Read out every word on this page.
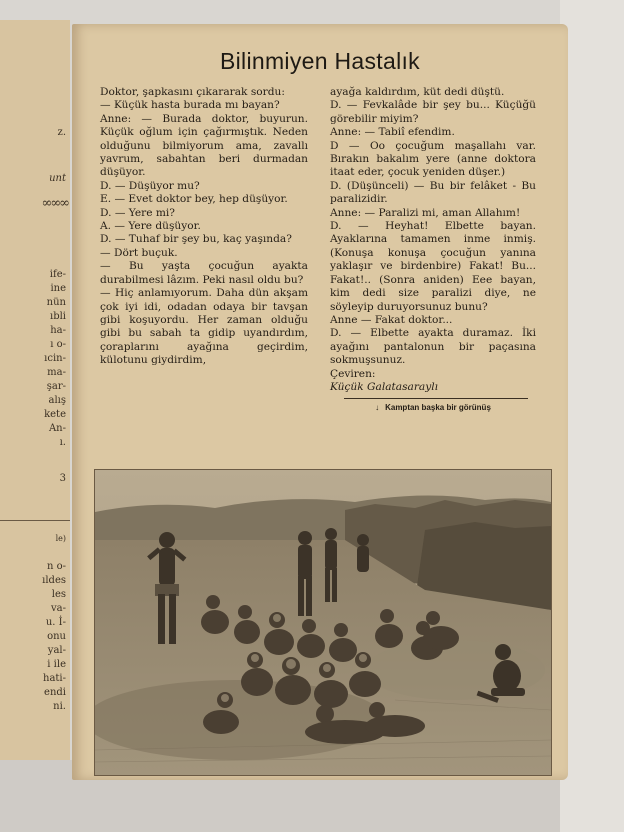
z.
unt
∞∞∞
ife-
ine
nün
ıbli
ha-
ı o-
ıcin-
ma-
şar-
alış
kete
An-
ı.
3
le)
n o-
ıldes
les
va-
u. İ-
onu
yal-
i ile
hati-
endi
ni.
Bilinmiyen Hastalık

Doktor, şapkasını çıkararak sordu:

— Küçük hasta burada mı bayan?

Anne: — Burada doktor, buyurun. Küçük oğlum için çağırmıştık. Neden olduğunu bilmiyorum ama, zavallı yavrum, sabahtan beri durmadan düşüyor.

D. — Düşüyor mu?

E. — Evet doktor bey, hep düşüyor.

D. — Yere mi?

A. — Yere düşüyor.

D. — Tuhaf bir şey bu, kaç yaşında?

— Dört buçuk.

— Bu yaşta çocuğun ayakta durabilmesi lâzım. Peki nasıl oldu bu?

— Hiç anlamıyorum. Daha dün akşam çok iyi idi, odadan odaya bir tavşan gibi koşuyordu. Her zaman olduğu gibi bu sabah ta gidip uyandırdım, çoraplarını ayağına geçirdim, külotunu giydirdim,

ayağa kaldırdım, küt dedi düştü.

D. — Fevkalâde bir şey bu... Küçüğü görebilir miyim?

Anne: — Tabiî efendim.

D — Oo çocuğum maşallahı var. Bırakın bakalım yere (anne doktora itaat eder, çocuk yeniden düşer.)

D. (Düşünceli) — Bu bir felâket - Bu paralizidir.

Anne: — Paralizi mi, aman Allahım!

D. — Heyhat! Elbette bayan. Ayaklarına tamamen inme inmiş. (Konuşa konuşa çocuğun yanına yaklaşır ve birdenbire) Fakat! Bu... Fakat!.. (Sonra aniden) Eee bayan, kim dedi size paralizi diye, ne söyleyip duruyorsunuz bunu?

Anne — Fakat doktor...

D. — Elbette ayakta duramaz. İki ayağını pantalonun bir paçasına sokmuşsunuz.

Çeviren:

Küçük Galatasaraylı

↓ Kamptan başka bir görünüş
